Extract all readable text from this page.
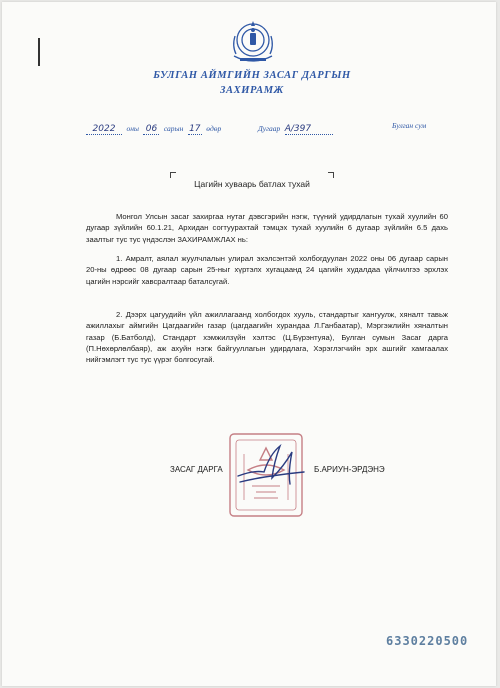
БУЛГАН АЙМГИЙН ЗАСАГ ДАРГЫН
ЗАХИРАМЖ
2022 оны 06 сарын 17 өдөр	Дугаар А/397	Булган сум
Цагийн хуваарь батлах тухай
Монгол Улсын засаг захиргаа нутаг дэвсгэрийн нэгж, түүний удирдлагын тухай хуулийн 60 дугаар зүйлийн 60.1.21, Архидан согтуурахтай тэмцэх тухай хуулийн 6 дугаар зүйлийн 6.5 дахь заалтыг тус тус үндэслэн ЗАХИРАМЖЛАХ нь:
1. Амралт, аялал жуулчлалын улирал эхэлсэнтэй холбогдуулан 2022 оны 06 дугаар сарын 20-ны өдрөөс 08 дугаар сарын 25-ныг хүртэлх хугацаанд 24 цагийн худалдаа үйлчилгээ эрхлэх цагийн нэрсийг хавсралтаар баталсугай.
2. Дээрх цагуудийн үйл ажиллагаанд холбогдох хууль, стандартыг хангуулж, хяналт тавьж ажиллахыг аймгийн Цагдаагийн газар (цагдаагийн хурандаа Л.Ганбаатар), Мэргэжлийн хяналтын газар (Б.Батболд), Стандарт хэмжилзүйн хэлтэс (Ц.Бүрэнтуяа), Булган сумын Засаг дарга (П.Нөхөрлөлбаяр), аж ахуйн нэгж байгууллагын удирдлага, Хэрэглэгчийн эрх ашгийг хамгаалах нийгэмлэгт тус тус үүрэг болгосугай.
ЗАСАГ ДАРГА	Б.АРИУН-ЭРДЭНЭ
6330220500
